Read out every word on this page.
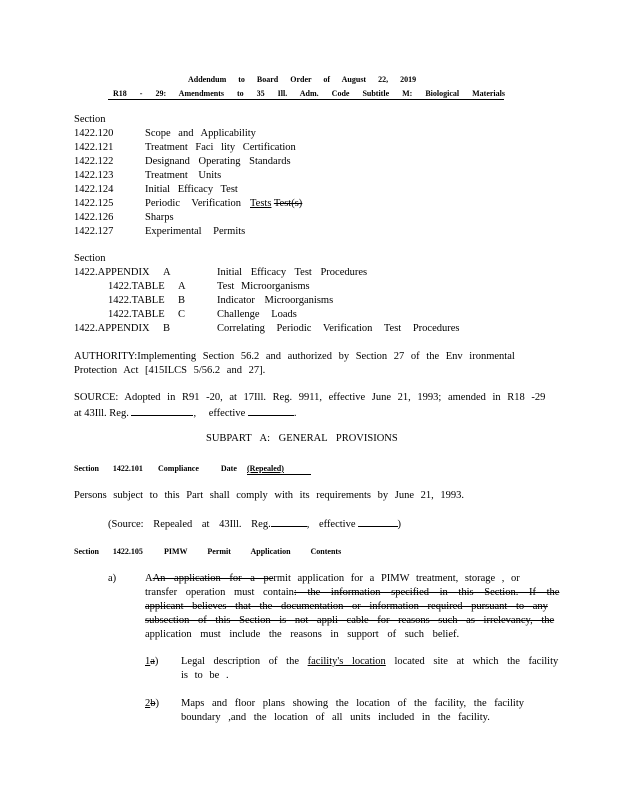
Addendum to Board Order of August 22, 2019
R18 - 29: Amendments to 35 Ill. Adm. Code Subtitle M: Biological Materials
Section
1422.120	Scope and Applicability
1422.121	Treatment Faci lity Certification
1422.122	Designand Operating Standards
1422.123	Treatment Units
1422.124	Initial Efficacy Test
1422.125	Periodic Verification Tests Test(s)
1422.126	Sharps
1422.127	Experimental Permits
Section
1422.APPENDIX A	Initial Efficacy Test Procedures
1422.TABLE A	Test Microorganisms
1422.TABLE B	Indicator Microorganisms
1422.TABLE C	Challenge Loads
1422.APPENDIX B	Correlating Periodic Verification Test Procedures
AUTHORITY:Implementing Section 56.2 and authorized by Section 27 of the Env ironmental
Protection Act [415ILCS 5/56.2 and 27].
SOURCE: Adopted in R91 -20, at 17Ill. Reg. 9911, effective June 21, 1993; amended in R18 -29
at 43Ill. Reg.	, effective	.
SUBPART A: GENERAL PROVISIONS
Section 1422.101 Compliance Date (Repealed)
Persons subject to this Part shall comply with its requirements by June 21, 1993.
(Source: Repealed at 43Ill. Reg.	, effective	)
Section 1422.105	PIMW Permit Application Contents
a)	AAn application for a permit application for a PIMW treatment, storage , or
transfer operation must contain: the information specified in this Section. If the
applicant believes that the documentation or information required pursuant to any
subsection of this Section is not appli cable for reasons such as irrelevancy, the
application must include the reasons in support of such belief.
1a) Legal description of the facility's location located site at which the facility
is to be .
2b) Maps and floor plans showing the location of the facility, the facility
boundary ,and the location of all units included in the facility.
